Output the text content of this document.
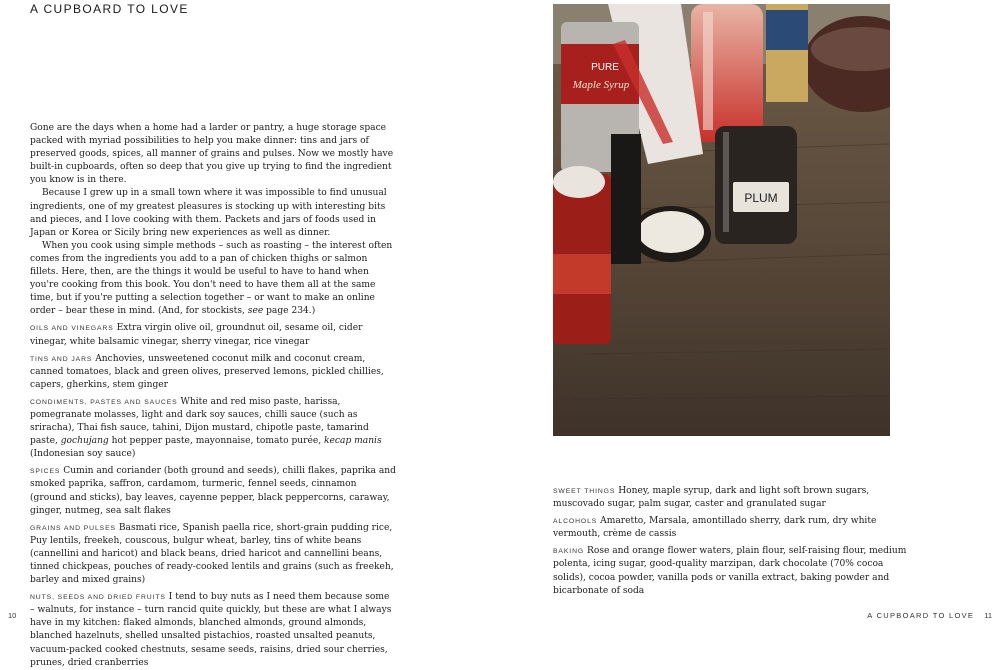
A CUPBOARD TO LOVE

Gone are the days when a home had a larder or pantry, a huge storage space packed with myriad possibilities to help you make dinner: tins and jars of preserved goods, spices, all manner of grains and pulses. Now we mostly have built-in cupboards, often so deep that you give up trying to find the ingredient you know is in there.

Because I grew up in a small town where it was impossible to find unusual ingredients, one of my greatest pleasures is stocking up with interesting bits and pieces, and I love cooking with them. Packets and jars of foods used in Japan or Korea or Sicily bring new experiences as well as dinner.

When you cook using simple methods – such as roasting – the interest often comes from the ingredients you add to a pan of chicken thighs or salmon fillets. Here, then, are the things it would be useful to have to hand when you're cooking from this book. You don't need to have them all at the same time, but if you're putting a selection together – or want to make an online order – bear these in mind. (And, for stockists, see page 234.)

OILS AND VINEGARS Extra virgin olive oil, groundnut oil, sesame oil, cider vinegar, white balsamic vinegar, sherry vinegar, rice vinegar
TINS AND JARS Anchovies, unsweetened coconut milk and coconut cream, canned tomatoes, black and green olives, preserved lemons, pickled chillies, capers, gherkins, stem ginger
CONDIMENTS, PASTES AND SAUCES White and red miso paste, harissa, pomegranate molasses, light and dark soy sauces, chilli sauce (such as sriracha), Thai fish sauce, tahini, Dijon mustard, chipotle paste, tamarind paste, gochujang hot pepper paste, mayonnaise, tomato purée, kecap manis (Indonesian soy sauce)
SPICES Cumin and coriander (both ground and seeds), chilli flakes, paprika and smoked paprika, saffron, cardamom, turmeric, fennel seeds, cinnamon (ground and sticks), bay leaves, cayenne pepper, black peppercorns, caraway, ginger, nutmeg, sea salt flakes
GRAINS AND PULSES Basmati rice, Spanish paella rice, short-grain pudding rice, Puy lentils, freekeh, couscous, bulgur wheat, barley, tins of white beans (cannellini and haricot) and black beans, dried haricot and cannellini beans, tinned chickpeas, pouches of ready-cooked lentils and grains (such as freekeh, barley and mixed grains)
NUTS, SEEDS AND DRIED FRUITS I tend to buy nuts as I need them because some – walnuts, for instance – turn rancid quite quickly, but these are what I always have in my kitchen: flaked almonds, blanched almonds, ground almonds, blanched hazelnuts, shelled unsalted pistachios, roasted unsalted peanuts, vacuum-packed cooked chestnuts, sesame seeds, raisins, dried sour cherries, prunes, dried cranberries
PURE
Maple Syrup
PLUM
SWEET THINGS Honey, maple syrup, dark and light soft brown sugars, muscovado sugar, palm sugar, caster and granulated sugar
ALCOHOLS Amaretto, Marsala, amontillado sherry, dark rum, dry white vermouth, crème de cassis
BAKING Rose and orange flower waters, plain flour, self-raising flour, medium polenta, icing sugar, good-quality marzipan, dark chocolate (70% cocoa solids), cocoa powder, vanilla pods or vanilla extract, baking powder and bicarbonate of soda
10	A CUPBOARD TO LOVE 11
